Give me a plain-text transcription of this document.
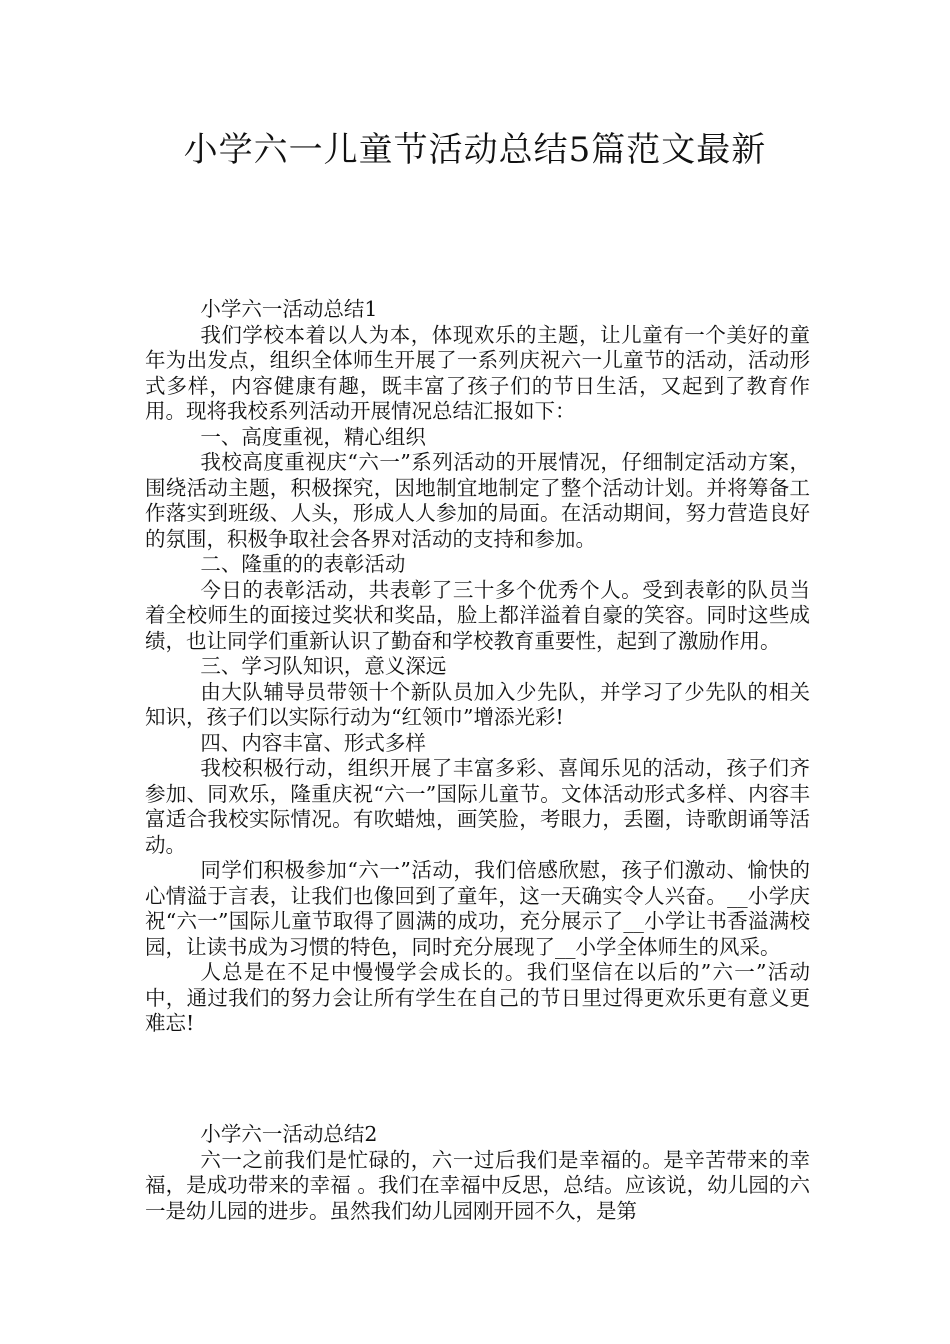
小学六一儿童节活动总结5篇范文最新

小学六一活动总结1

我们学校本着以人为本，体现欢乐的主题，让儿童有一个美好的童年为出发点，组织全体师生开展了一系列庆祝六一儿童节的活动，活动形式多样，内容健康有趣，既丰富了孩子们的节日生活，又起到了教育作用。现将我校系列活动开展情况总结汇报如下：

一、高度重视，精心组织

我校高度重视庆“六一”系列活动的开展情况，仔细制定活动方案，围绕活动主题，积极探究，因地制宜地制定了整个活动计划。并将筹备工作落实到班级、人头，形成人人参加的局面。在活动期间，努力营造良好的氛围，积极争取社会各界对活动的支持和参加。

二、隆重的的表彰活动

今日的表彰活动，共表彰了三十多个优秀个人。受到表彰的队员当着全校师生的面接过奖状和奖品，脸上都洋溢着自豪的笑容。同时这些成绩，也让同学们重新认识了勤奋和学校教育重要性，起到了激励作用。

三、学习队知识，意义深远

由大队辅导员带领十个新队员加入少先队，并学习了少先队的相关知识，孩子们以实际行动为“红领巾”增添光彩!

四、内容丰富、形式多样

我校积极行动，组织开展了丰富多彩、喜闻乐见的活动，孩子们齐参加、同欢乐，隆重庆祝“六一”国际儿童节。文体活动形式多样、内容丰富适合我校实际情况。有吹蜡烛，画笑脸，考眼力，丢圈，诗歌朗诵等活动。

同学们积极参加“六一”活动，我们倍感欣慰，孩子们激动、愉快的心情溢于言表，让我们也像回到了童年，这一天确实令人兴奋。__小学庆祝“六一”国际儿童节取得了圆满的成功，充分展示了__小学让书香溢满校园，让读书成为习惯的特色，同时充分展现了__小学全体师生的风采。

人总是在不足中慢慢学会成长的。我们坚信在以后的”六一”活动中，通过我们的努力会让所有学生在自己的节日里过得更欢乐更有意义更难忘!

小学六一活动总结2

六一之前我们是忙碌的，六一过后我们是幸福的。是辛苦带来的幸福，是成功带来的幸福 。我们在幸福中反思，总结。应该说，幼儿园的六一是幼儿园的进步。虽然我们幼儿园刚开园不久，是第
